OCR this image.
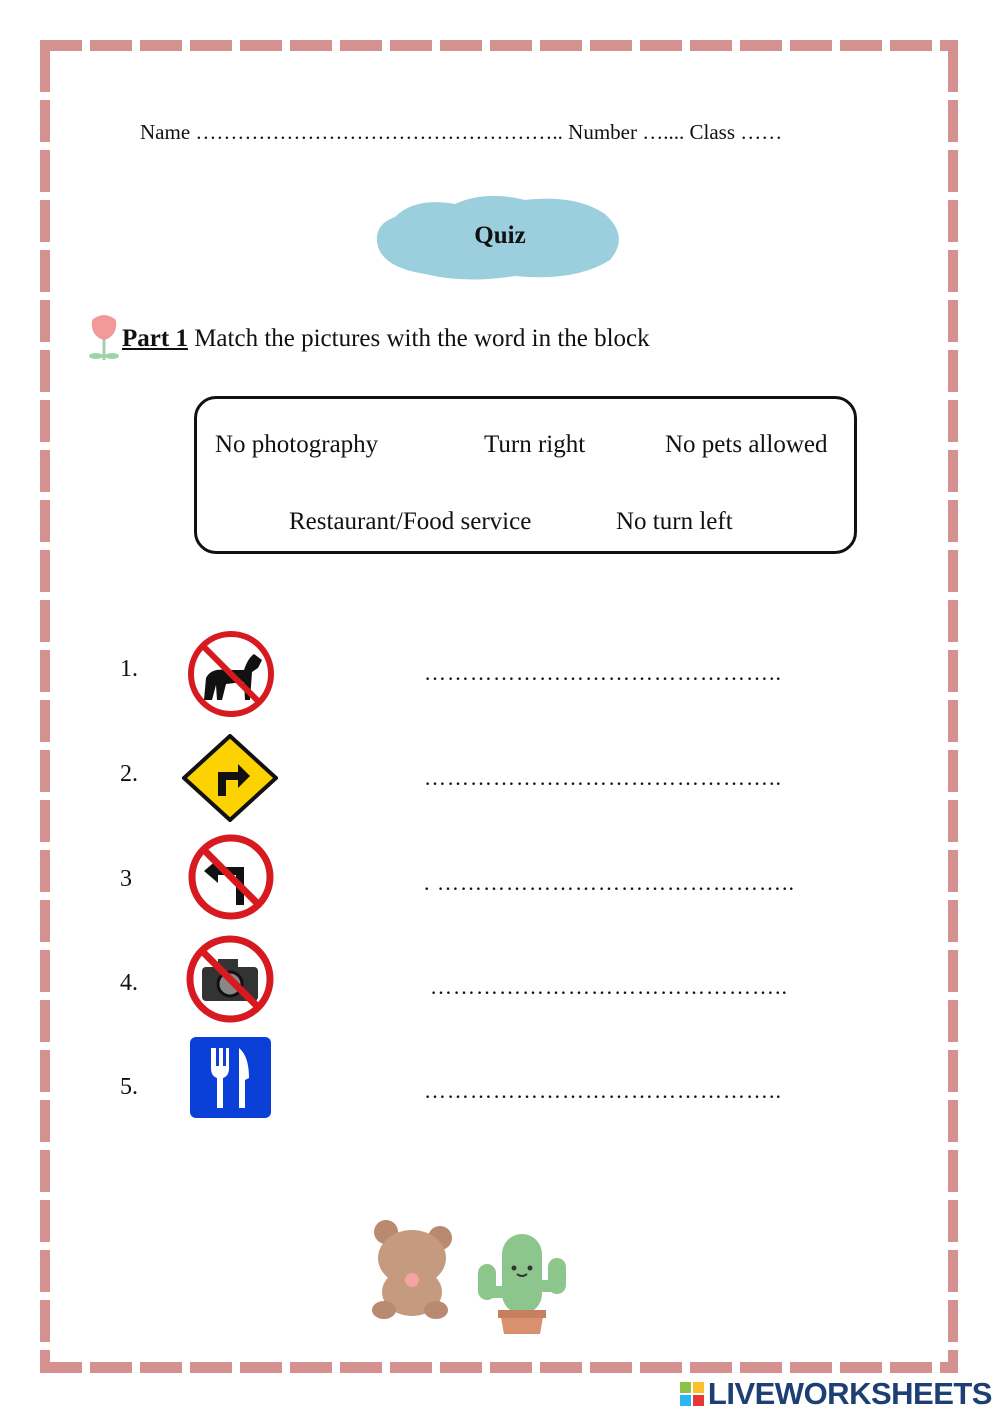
Name …………………………………………….. Number ….... Class ……
Quiz
Part 1 Match the pictures with the word in the block
No photography	Turn right	No pets allowed
Restaurant/Food service	No turn left
1.	………………………………………..
2.	………………………………………..
3	. ………………………………………..
4.	………………………………………..
5.	………………………………………..
LIVEWORKSHEETS
